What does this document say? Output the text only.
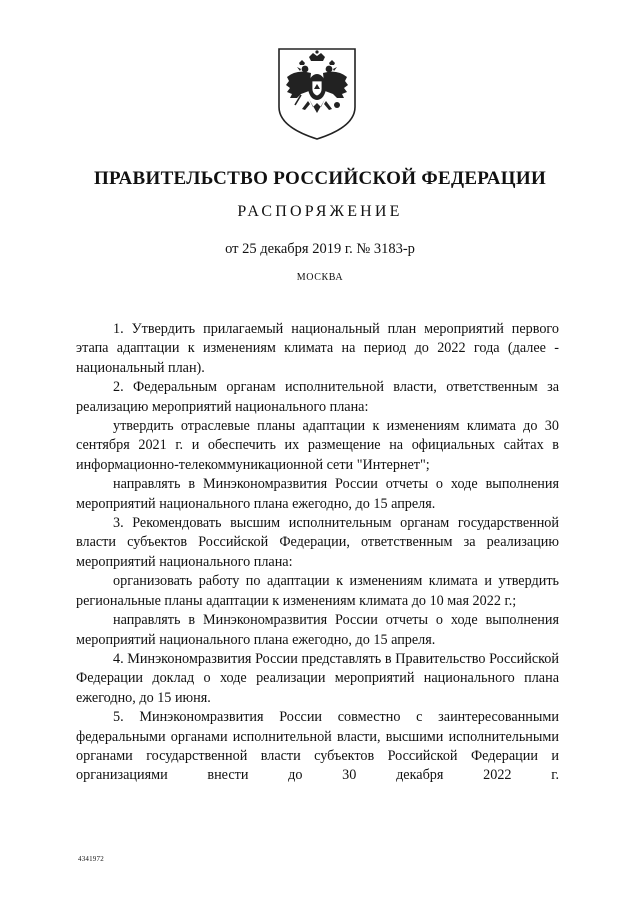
ПРАВИТЕЛЬСТВО РОССИЙСКОЙ ФЕДЕРАЦИИ
РАСПОРЯЖЕНИЕ
от 25 декабря 2019 г. № 3183-р
МОСКВА

1. Утвердить прилагаемый национальный план мероприятий первого этапа адаптации к изменениям климата на период до 2022 года (далее - национальный план).

2. Федеральным органам исполнительной власти, ответственным за реализацию мероприятий национального плана:

утвердить отраслевые планы адаптации к изменениям климата до 30 сентября 2021 г. и обеспечить их размещение на официальных сайтах в информационно-телекоммуникационной сети "Интернет";

направлять в Минэкономразвития России отчеты о ходе выполнения мероприятий национального плана ежегодно, до 15 апреля.

3. Рекомендовать высшим исполнительным органам государственной власти субъектов Российской Федерации, ответственным за реализацию мероприятий национального плана:

организовать работу по адаптации к изменениям климата и утвердить региональные планы адаптации к изменениям климата до 10 мая 2022 г.;

направлять в Минэкономразвития России отчеты о ходе выполнения мероприятий национального плана ежегодно, до 15 апреля.

4. Минэкономразвития России представлять в Правительство Российской Федерации доклад о ходе реализации мероприятий национального плана ежегодно, до 15 июня.

5. Минэкономразвития России совместно с заинтересованными федеральными органами исполнительной власти, высшими исполнительными органами государственной власти субъектов Российской Федерации и организациями внести до 30 декабря 2022 г.

4341972
